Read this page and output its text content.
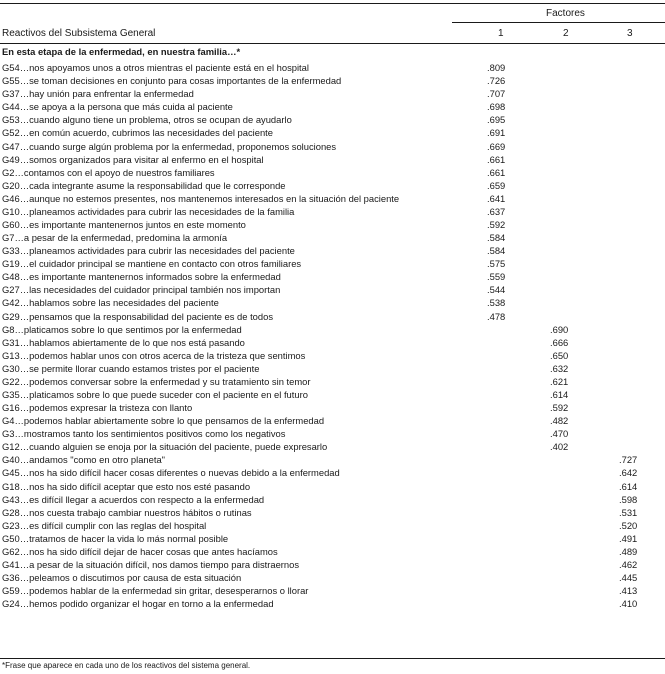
Factores
Reactivos del Subsistema General	1	2	3
En esta etapa de la enfermedad, en nuestra familia…*
G54…nos apoyamos unos a otros mientras el paciente está en el hospital	.809		
G55…se toman decisiones en conjunto para cosas importantes de la enfermedad	.726		
G37…hay unión para enfrentar la enfermedad	.707		
G44…se apoya a la persona que más cuida al paciente	.698		
G53…cuando alguno tiene un problema, otros se ocupan de ayudarlo	.695		
G52…en común acuerdo, cubrimos las necesidades del paciente	.691		
G47…cuando surge algún problema por la enfermedad, proponemos soluciones	.669		
G49…somos organizados para visitar al enfermo en el hospital	.661		
G2…contamos con el apoyo de nuestros familiares	.661		
G20…cada integrante asume la responsabilidad que le corresponde	.659		
G46…aunque no estemos presentes, nos mantenemos interesados en la situación del paciente	.641		
G10…planeamos actividades para cubrir las necesidades de la familia	.637		
G60…es importante mantenernos juntos en este momento	.592		
G7…a pesar de la enfermedad, predomina la armonía	.584		
G33…planeamos actividades para cubrir las necesidades del paciente	.584		
G19…el cuidador principal se mantiene en contacto con otros familiares	.575		
G48…es importante mantenernos informados sobre la enfermedad	.559		
G27…las necesidades del cuidador principal también nos importan	.544		
G42…hablamos sobre las necesidades del paciente	.538		
G29…pensamos que la responsabilidad del paciente es de todos	.478		
G8…platicamos sobre lo que sentimos por la enfermedad		.690	
G31…hablamos abiertamente de lo que nos está pasando		.666	
G13…podemos hablar unos con otros acerca de la tristeza que sentimos		.650	
G30…se permite llorar cuando estamos tristes por el paciente		.632	
G22…podemos conversar sobre la enfermedad y su tratamiento sin temor		.621	
G35…platicamos sobre lo que puede suceder con el paciente en el futuro		.614	
G16…podemos expresar la tristeza con llanto		.592	
G4…podemos hablar abiertamente sobre lo que pensamos de la enfermedad		.482	
G3…mostramos tanto los sentimientos positivos como los negativos		.470	
G12…cuando alguien se enoja por la situación del paciente, puede expresarlo		.402	
G40…andamos "como en otro planeta"			.727
G45…nos ha sido difícil hacer cosas diferentes o nuevas debido a la enfermedad			.642
G18…nos ha sido difícil aceptar que esto nos esté pasando			.614
G43…es difícil llegar a acuerdos con respecto a la enfermedad			.598
G28…nos cuesta trabajo cambiar nuestros hábitos o rutinas			.531
G23…es difícil cumplir con las reglas del hospital			.520
G50…tratamos de hacer la vida lo más normal posible			.491
G62…nos ha sido difícil dejar de hacer cosas que antes hacíamos			.489
G41…a pesar de la situación difícil, nos damos tiempo para distraernos			.462
G36…peleamos o discutimos por causa de esta situación			.445
G59…podemos hablar de la enfermedad sin gritar, desesperarnos o llorar			.413
G24…hemos podido organizar el hogar en torno a la enfermedad			.410
*Frase que aparece en cada uno de los reactivos del sistema general.
